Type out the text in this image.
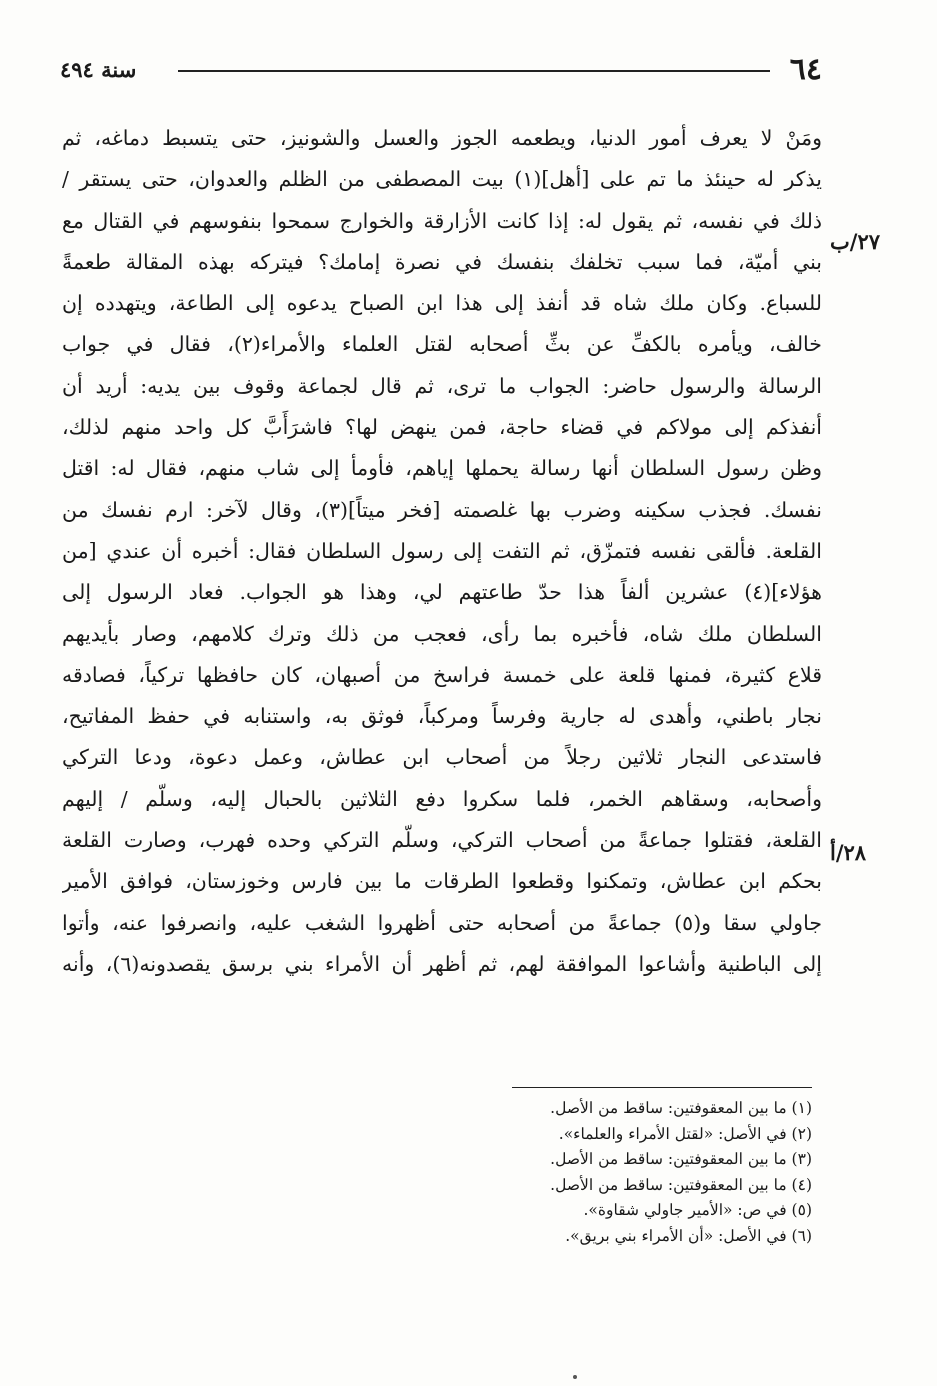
٦٤
سنة ٤٩٤
ومَنْ لا يعرف أمور الدنيا، ويطعمه الجوز والعسل والشونيز، حتى يتسبط دماغه، ثم
يذكر له حينئذ ما تم على [أهل](١) بيت المصطفى من الظلم والعدوان، حتى يستقر /
ذلك في نفسه، ثم يقول له: إذا كانت الأزارقة والخوارج سمحوا بنفوسهم في القتال مع
بني أميّة، فما سبب تخلفك بنفسك في نصرة إمامك؟ فيتركه بهذه المقالة طعمةً
للسباع. وكان ملك شاه قد أنفذ إلى هذا ابن الصباح يدعوه إلى الطاعة، ويتهدده إن
خالف، ويأمره بالكفِّ عن بثِّ أصحابه لقتل العلماء والأمراء(٢)، فقال في جواب
الرسالة والرسول حاضر: الجواب ما ترى، ثم قال لجماعة وقوف بين يديه: أريد أن
أنفذكم إلى مولاكم في قضاء حاجة، فمن ينهض لها؟ فاشرَأَبَّ كل واحد منهم لذلك،
وظن رسول السلطان أنها رسالة يحملها إياهم، فأومأ إلى شاب منهم، فقال له: اقتل
نفسك. فجذب سكينه وضرب بها غلصمته [فخر ميتاً](٣)، وقال لآخر: ارم نفسك من
القلعة. فألقى نفسه فتمزّق، ثم التفت إلى رسول السلطان فقال: أخبره أن عندي [من
هؤلاء](٤) عشرين ألفاً هذا حدّ طاعتهم لي، وهذا هو الجواب. فعاد الرسول إلى
السلطان ملك شاه، فأخبره بما رأى، فعجب من ذلك وترك كلامهم، وصار بأيديهم
قلاع كثيرة، فمنها قلعة على خمسة فراسخ من أصبهان، كان حافظها تركياً، فصادقه
نجار باطني، وأهدى له جارية وفرساً ومركباً، فوثق به، واستنابه في حفظ المفاتيح،
فاستدعى النجار ثلاثين رجلاً من أصحاب ابن عطاش، وعمل دعوة، ودعا التركي
وأصحابه، وسقاهم الخمر، فلما سكروا دفع الثلاثين بالحبال إليه، وسلّم / إليهم
القلعة، فقتلوا جماعةً من أصحاب التركي، وسلّم التركي وحده فهرب، وصارت القلعة
بحكم ابن عطاش، وتمكنوا وقطعوا الطرقات ما بين فارس وخوزستان، فوافق الأمير
جاولي سقا و(٥) جماعةً من أصحابه حتى أظهروا الشغب عليه، وانصرفوا عنه، وأتوا
إلى الباطنية وأشاعوا الموافقة لهم، ثم أظهر أن الأمراء بني برسق يقصدونه(٦)، وأنه
٢٧/ب
٢٨/أ
(١) ما بين المعقوفتين: ساقط من الأصل.
(٢) في الأصل: «لقتل الأمراء والعلماء».
(٣) ما بين المعقوفتين: ساقط من الأصل.
(٤) ما بين المعقوفتين: ساقط من الأصل.
(٥) في ص: «الأمير جاولي شقاوة».
(٦) في الأصل: «أن الأمراء بني بريق».
